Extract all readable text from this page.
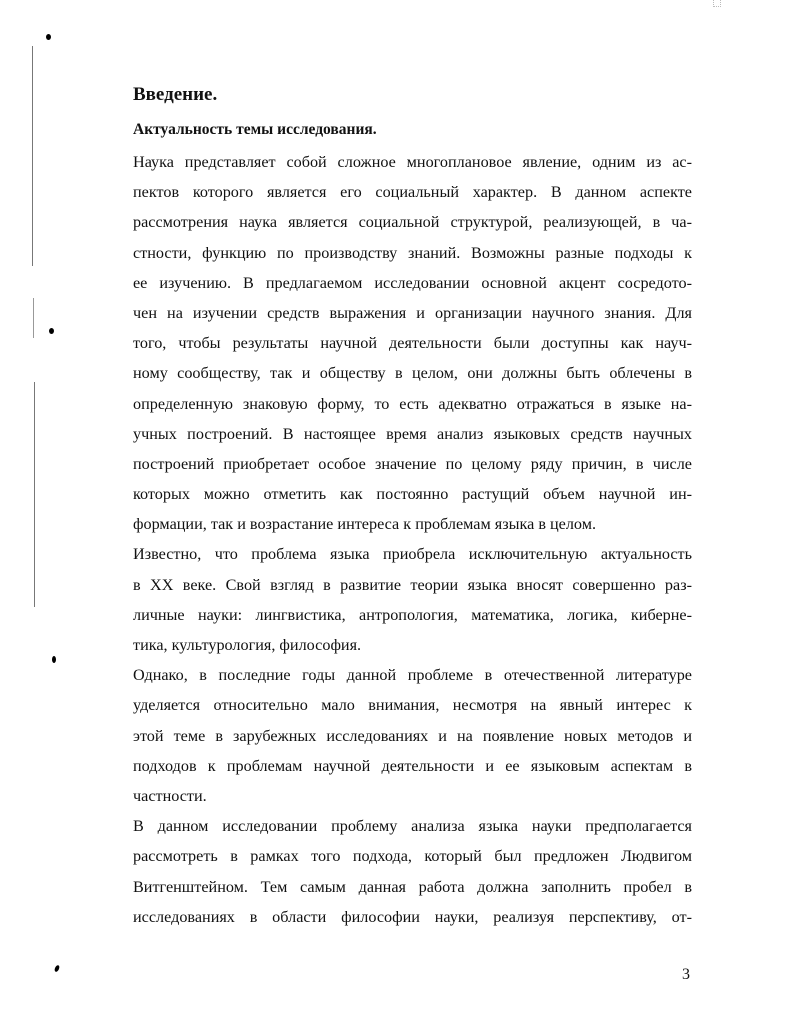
Введение.
Актуальность темы исследования.

Наука представляет собой сложное многоплановое явление, одним из ас-
пектов которого является его социальный характер. В данном аспекте
рассмотрения наука является социальной структурой, реализующей, в ча-
стности, функцию по производству знаний. Возможны разные подходы к
ее изучению. В предлагаемом исследовании основной акцент сосредото-
чен на изучении средств выражения и организации научного знания. Для
того, чтобы результаты научной деятельности были доступны как науч-
ному сообществу, так и обществу в целом, они должны быть облечены в
определенную знаковую форму, то есть адекватно отражаться в языке на-
учных построений. В настоящее время анализ языковых средств научных
построений приобретает особое значение по целому ряду причин, в числе
которых можно отметить как постоянно растущий объем научной ин-
формации, так и возрастание интереса к проблемам языка в целом.

Известно, что проблема языка приобрела исключительную актуальность
в XX веке. Свой взгляд в развитие теории языка вносят совершенно раз-
личные науки: лингвистика, антропология, математика, логика, киберне-
тика, культурология, философия.

Однако, в последние годы данной проблеме в отечественной литературе
уделяется относительно мало внимания, несмотря на явный интерес к
этой теме в зарубежных исследованиях и на появление новых методов и
подходов к проблемам научной деятельности и ее языковым аспектам в
частности.

В данном исследовании проблему анализа языка науки предполагается
рассмотреть в рамках того подхода, который был предложен Людвигом
Витгенштейном. Тем самым данная работа должна заполнить пробел в
исследованиях в области философии науки, реализуя перспективу, от-

3
